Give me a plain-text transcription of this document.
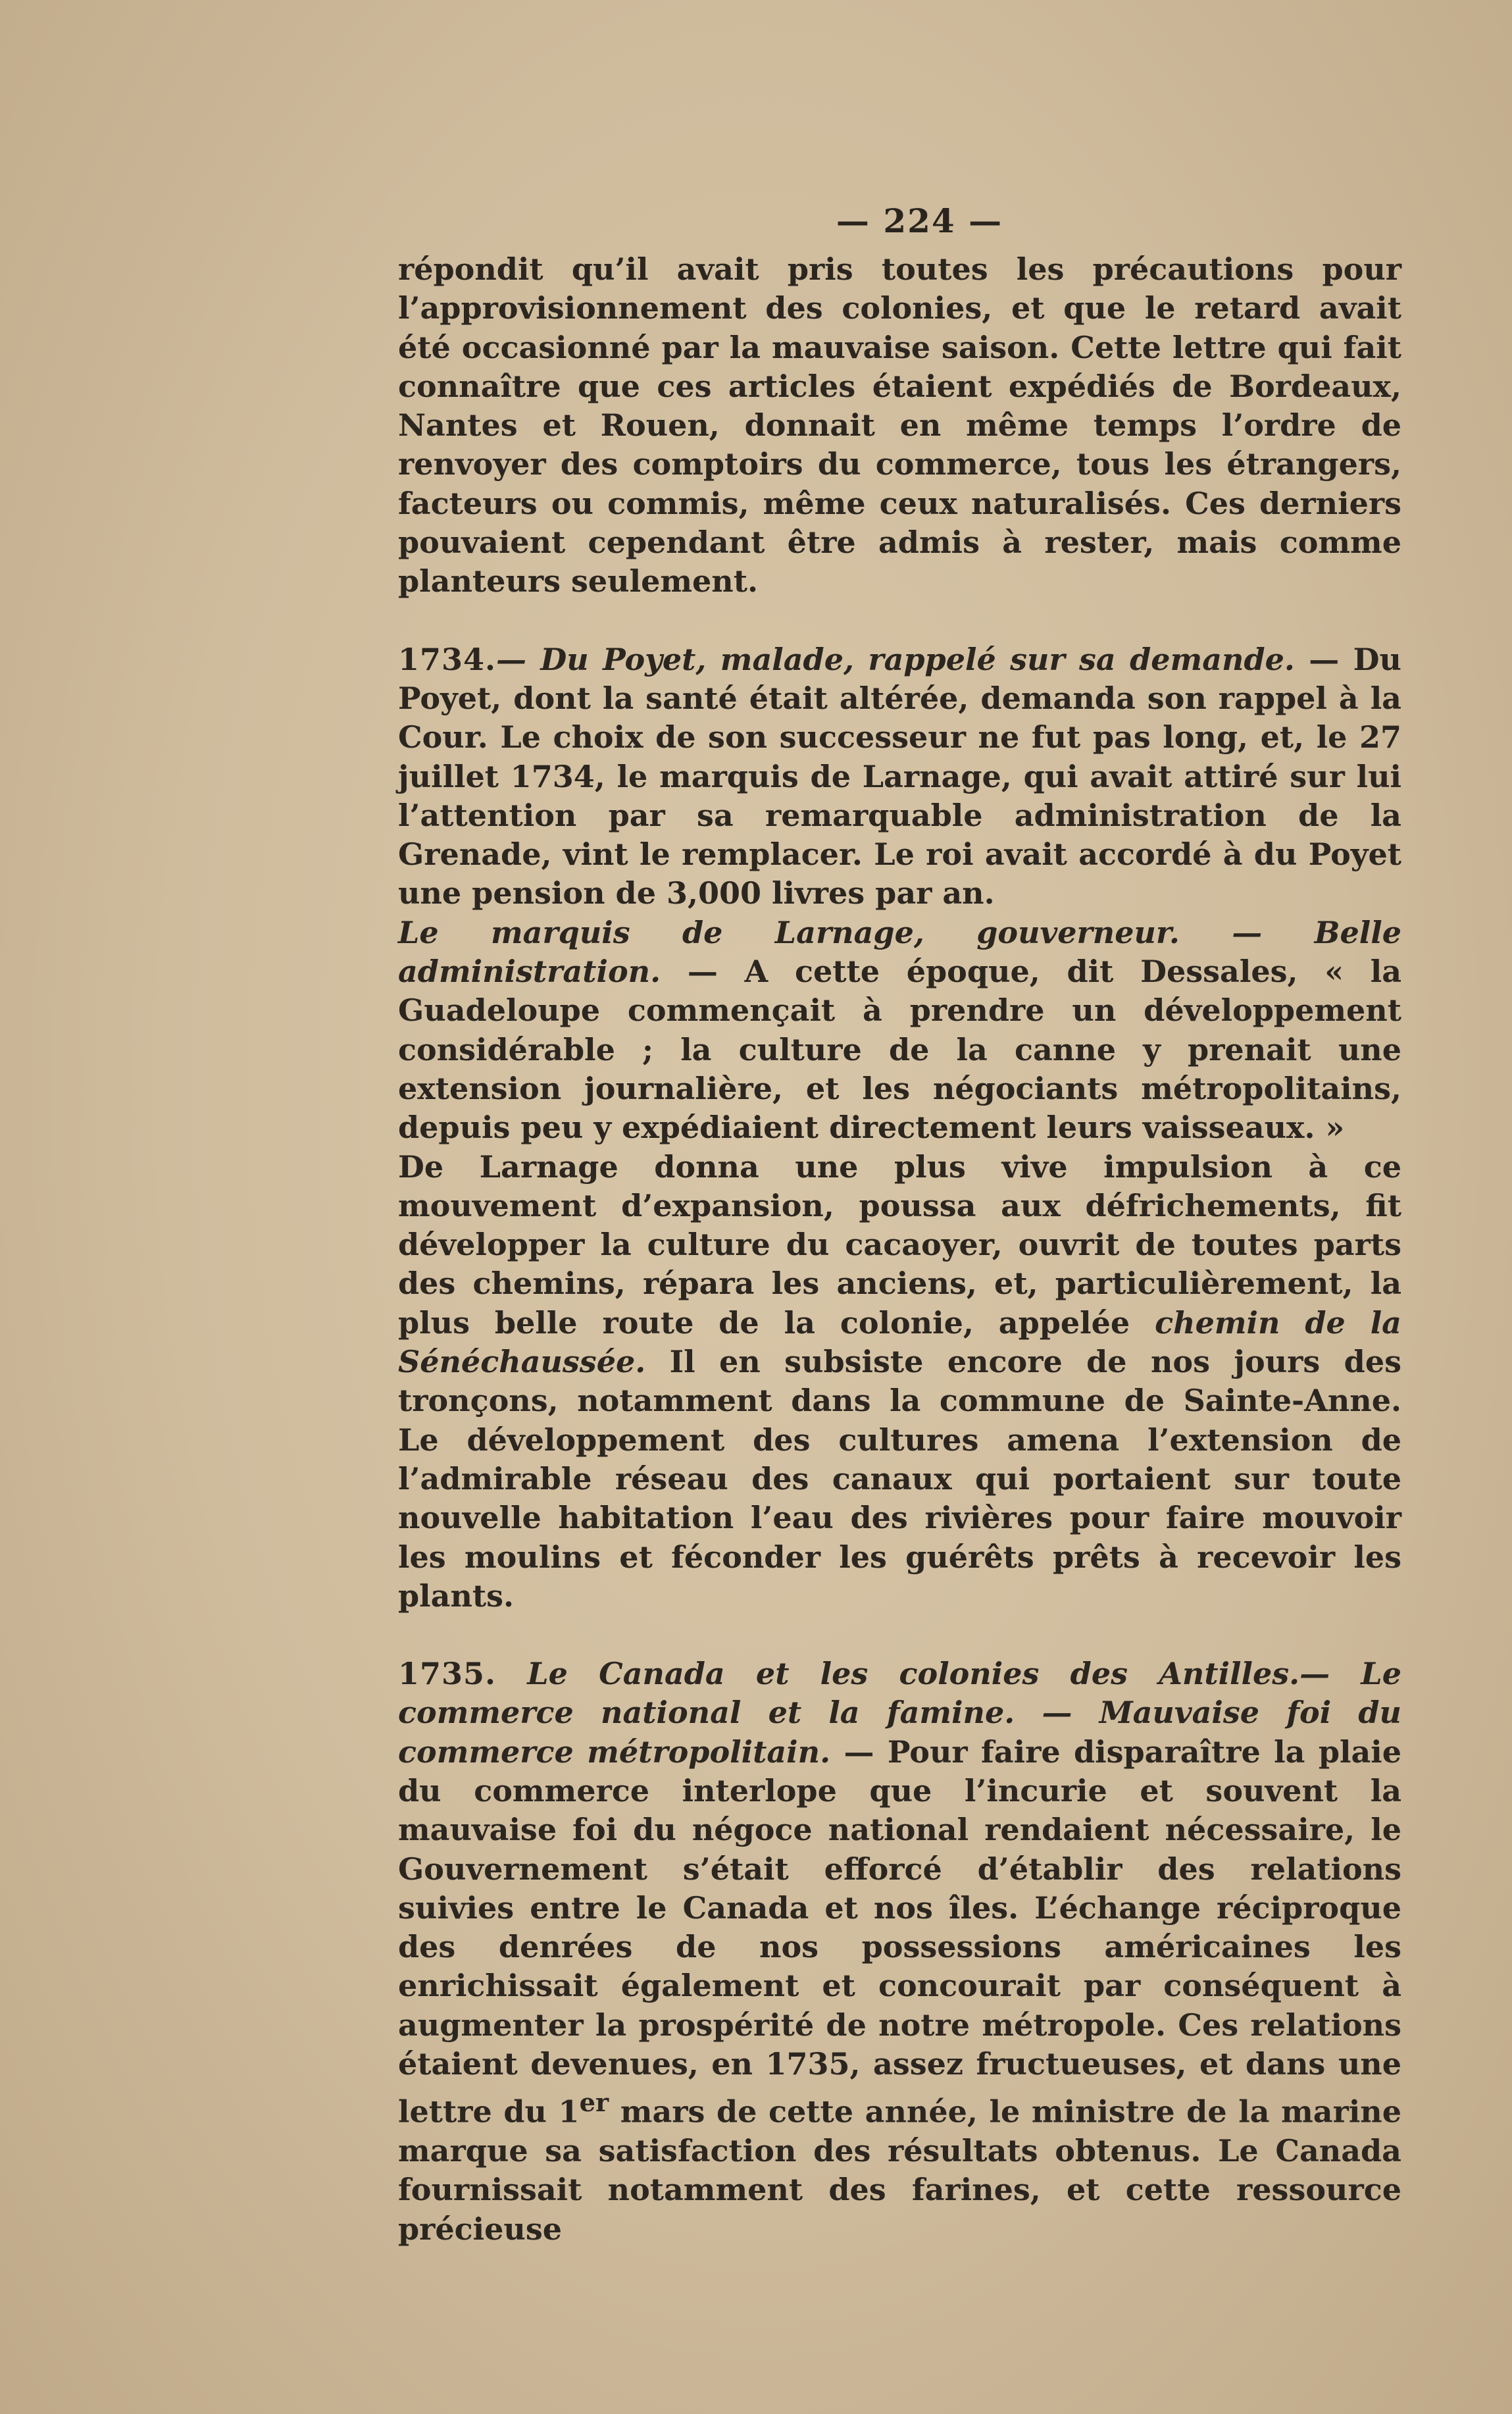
— 224 —

répondit qu’il avait pris toutes les précautions pour l’approvisionnement des colonies, et que le retard avait été occasionné par la mauvaise saison. Cette lettre qui fait connaître que ces articles étaient expédiés de Bordeaux, Nantes et Rouen, donnait en même temps l’ordre de renvoyer des comptoirs du commerce, tous les étrangers, facteurs ou commis, même ceux naturalisés. Ces derniers pouvaient cependant être admis à rester, mais comme planteurs seulement.

1734.— Du Poyet, malade, rappelé sur sa demande. — Du Poyet, dont la santé était altérée, demanda son rappel à la Cour. Le choix de son successeur ne fut pas long, et, le 27 juillet 1734, le marquis de Larnage, qui avait attiré sur lui l’attention par sa remarquable administration de la Grenade, vint le remplacer. Le roi avait accordé à du Poyet une pension de 3,000 livres par an.

Le marquis de Larnage, gouverneur. — Belle administration. — A cette époque, dit Dessales, « la Guadeloupe commençait à prendre un développement considérable ; la culture de la canne y prenait une extension journalière, et les négociants métropolitains, depuis peu y expédiaient directement leurs vaisseaux. »

De Larnage donna une plus vive impulsion à ce mouvement d’expansion, poussa aux défrichements, fit développer la culture du cacaoyer, ouvrit de toutes parts des chemins, répara les anciens, et, particulièrement, la plus belle route de la colonie, appelée chemin de la Sénéchaussée. Il en subsiste encore de nos jours des tronçons, notamment dans la commune de Sainte-Anne. Le développement des cultures amena l’extension de l’admirable réseau des canaux qui portaient sur toute nouvelle habitation l’eau des rivières pour faire mouvoir les moulins et féconder les guérêts prêts à recevoir les plants.

1735. Le Canada et les colonies des Antilles.— Le commerce national et la famine. — Mauvaise foi du commerce métropolitain. — Pour faire disparaître la plaie du commerce interlope que l’incurie et souvent la mauvaise foi du négoce national rendaient nécessaire, le Gouvernement s’était efforcé d’établir des relations suivies entre le Canada et nos îles. L’échange réciproque des denrées de nos possessions américaines les enrichissait également et concourait par conséquent à augmenter la prospérité de notre métropole. Ces relations étaient devenues, en 1735, assez fructueuses, et dans une lettre du 1er mars de cette année, le ministre de la marine marque sa satisfaction des résultats obtenus. Le Canada fournissait notamment des farines, et cette ressource précieuse
